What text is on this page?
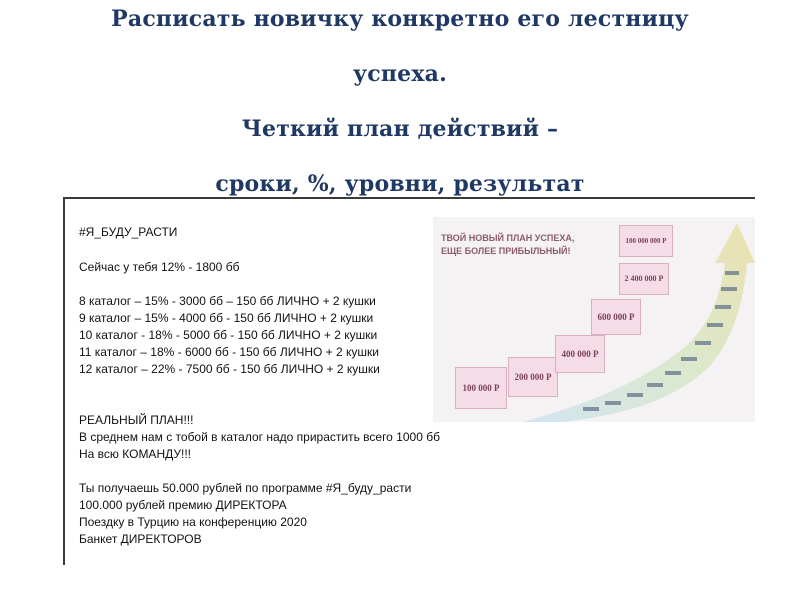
Расписать новичку конкретно его лестницу
успеха.
Четкий план действий –
сроки, %, уровни, результат
#Я_БУДУ_РАСТИ
Сейчас у тебя 12% - 1800 бб
8 каталог – 15% - 3000 бб – 150 бб ЛИЧНО + 2 кушки
9 каталог – 15% - 4000 бб - 150 бб ЛИЧНО + 2 кушки
10 каталог - 18% - 5000 бб - 150 бб ЛИЧНО + 2 кушки
11 каталог – 18% - 6000 бб - 150 бб ЛИЧНО + 2 кушки
12 каталог – 22% - 7500 бб - 150 бб ЛИЧНО + 2 кушки
РЕАЛЬНЫЙ ПЛАН!!!
В среднем нам с тобой в каталог надо прирастить всего 1000 бб
На всю КОМАНДУ!!!
Ты получаешь 50.000 рублей по программе #Я_буду_расти
100.000 рублей премию ДИРЕКТОРА
Поездку в Турцию на конференцию 2020
Банкет ДИРЕКТОРОВ
ТВОЙ НОВЫЙ ПЛАН УСПЕХА,
ЕЩЕ БОЛЕЕ ПРИБЫЛЬНЫЙ!
100 000 Р
200 000 Р
400 000 Р
600 000 Р
2 400 000 Р
100 000 000 Р
